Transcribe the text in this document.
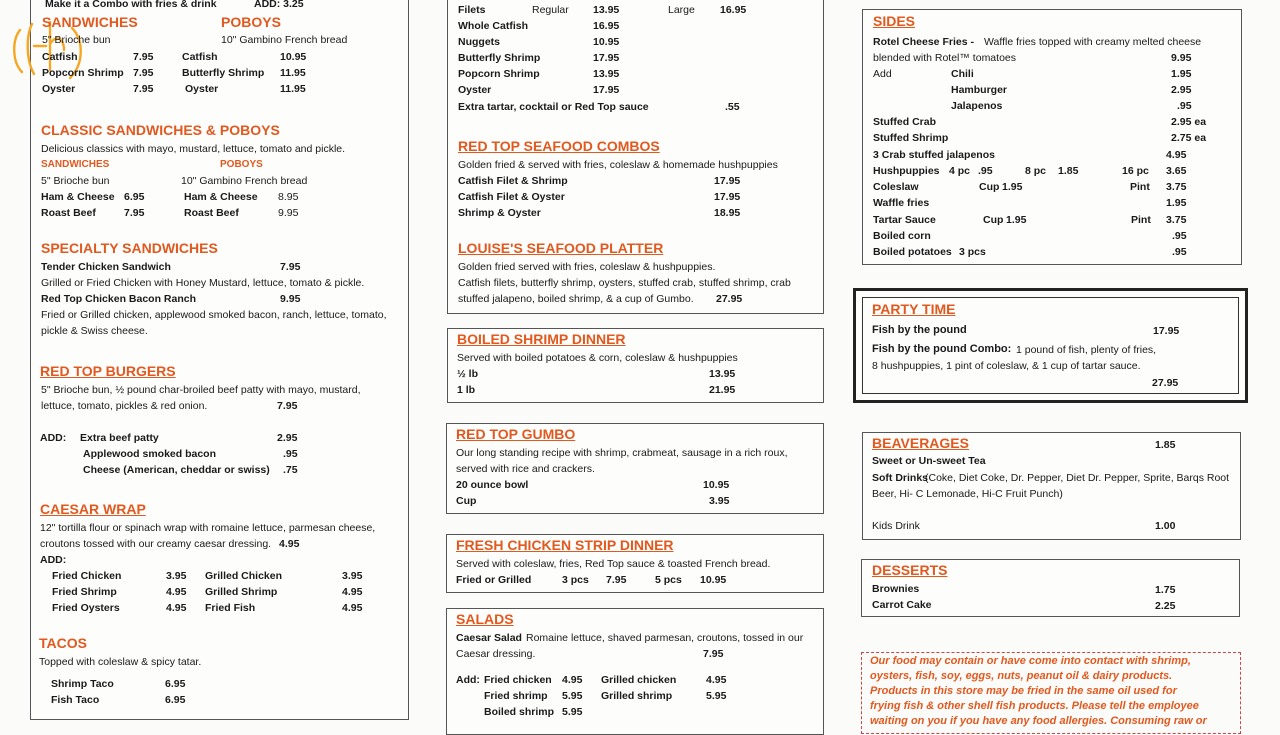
Make it a Combo with fries & drink	ADD: 3.25
SANDWICHES	POBOYS
5" Brioche bun	10" Gambino French bread
Catfish	7.95	Catfish	10.95
Popcorn Shrimp 7.95	Butterfly Shrimp 11.95
Oyster	7.95	Oyster	11.95
CLASSIC SANDWICHES & POBOYS
Delicious classics with mayo, mustard, lettuce, tomato and pickle.
SANDWICHES	POBOYS
5" Brioche bun	10" Gambino French bread
Ham & Cheese 6.95	Ham & Cheese 8.95
Roast Beef	7.95	Roast Beef	9.95
SPECIALTY SANDWICHES
Tender Chicken Sandwich	7.95
Grilled or Fried Chicken with Honey Mustard, lettuce, tomato & pickle.
Red Top Chicken Bacon Ranch	9.95
Fried or Grilled chicken, applewood smoked bacon, ranch, lettuce, tomato,
pickle & Swiss cheese.
RED TOP BURGERS
5" Brioche bun, ½ pound char-broiled beef patty with mayo, mustard,
lettuce, tomato, pickles & red onion.	7.95
ADD: Extra beef patty	2.95
Applewood smoked bacon	.95
Cheese (American, cheddar or swiss) .75
CAESAR WRAP
12" tortilla flour or spinach wrap with romaine lettuce, parmesan cheese,
croutons tossed with our creamy caesar dressing. 4.95
ADD:
Fried Chicken	3.95 Grilled Chicken	3.95
Fried Shrimp	4.95 Grilled Shrimp	4.95
Fried Oysters	4.95 Fried Fish	4.95
TACOS
Topped with coleslaw & spicy tatar.
Shrimp Taco	6.95
Fish Taco	6.95
Filets	Regular 13.95	Large 16.95
Whole Catfish	16.95
Nuggets	10.95
Butterfly Shrimp	17.95
Popcorn Shrimp	13.95
Oyster	17.95
Extra tartar, cocktail or Red Top sauce	.55
RED TOP SEAFOOD COMBOS
Golden fried & served with fries, coleslaw & homemade hushpuppies
Catfish Filet & Shrimp	17.95
Catfish Filet & Oyster	17.95
Shrimp & Oyster	18.95
LOUISE'S SEAFOOD PLATTER
Golden fried served with fries, coleslaw & hushpuppies.
Catfish filets, butterfly shrimp, oysters, stuffed crab, stuffed shrimp, crab
stuffed jalapeno, boiled shrimp, & a cup of Gumbo. 27.95
BOILED SHRIMP DINNER
Served with boiled potatoes & corn, coleslaw & hushpuppies
½ lb	13.95
1 lb	21.95
RED TOP GUMBO
Our long standing recipe with shrimp, crabmeat, sausage in a rich roux,
served with rice and crackers.
20 ounce bowl	10.95
Cup	3.95
FRESH CHICKEN STRIP DINNER
Served with coleslaw, fries, Red Top sauce & toasted French bread.
Fried or Grilled	3 pcs 7.95	5 pcs 10.95
SALADS
Caesar Salad Romaine lettuce, shaved parmesan, croutons, tossed in our
Caesar dressing.	7.95
Add: Fried chicken 4.95 Grilled chicken	4.95
Fried shrimp 5.95 Grilled shrimp	5.95
Boiled shrimp 5.95
SIDES
Rotel Cheese Fries - Waffle fries topped with creamy melted cheese
blended with Rotel™ tomatoes	9.95
Add	Chili	1.95
Hamburger	2.95
Jalapenos	.95
Stuffed Crab	2.95 ea
Stuffed Shrimp	2.75 ea
3 Crab stuffed jalapenos	4.95
Hushpuppies 4 pc .95	8 pc 1.85	16 pc 3.65
Coleslaw	Cup 1.95	Pint 3.75
Waffle fries	1.95
Tartar Sauce	Cup 1.95	Pint 3.75
Boiled corn	.95
Boiled potatoes 3 pcs	.95
PARTY TIME
Fish by the pound	17.95
Fish by the pound Combo: 1 pound of fish, plenty of fries,
8 hushpuppies, 1 pint of coleslaw, & 1 cup of tartar sauce.
27.95
BEAVERAGES	1.85
Sweet or Un-sweet Tea
Soft Drinks
(Coke, Diet Coke, Dr. Pepper, Diet Dr. Pepper, Sprite, Barqs Root
Beer, Hi- C Lemonade, Hi-C Fruit Punch)
Kids Drink	1.00
DESSERTS
Brownies	1.75
Carrot Cake	2.25
Our food may contain or have come into contact with shrimp,
oysters, fish, soy, eggs, nuts, peanut oil & dairy products.
Products in this store may be fried in the same oil used for
frying fish & other shell fish products. Please tell the employee
waiting on you if you have any food allergies. Consuming raw or
